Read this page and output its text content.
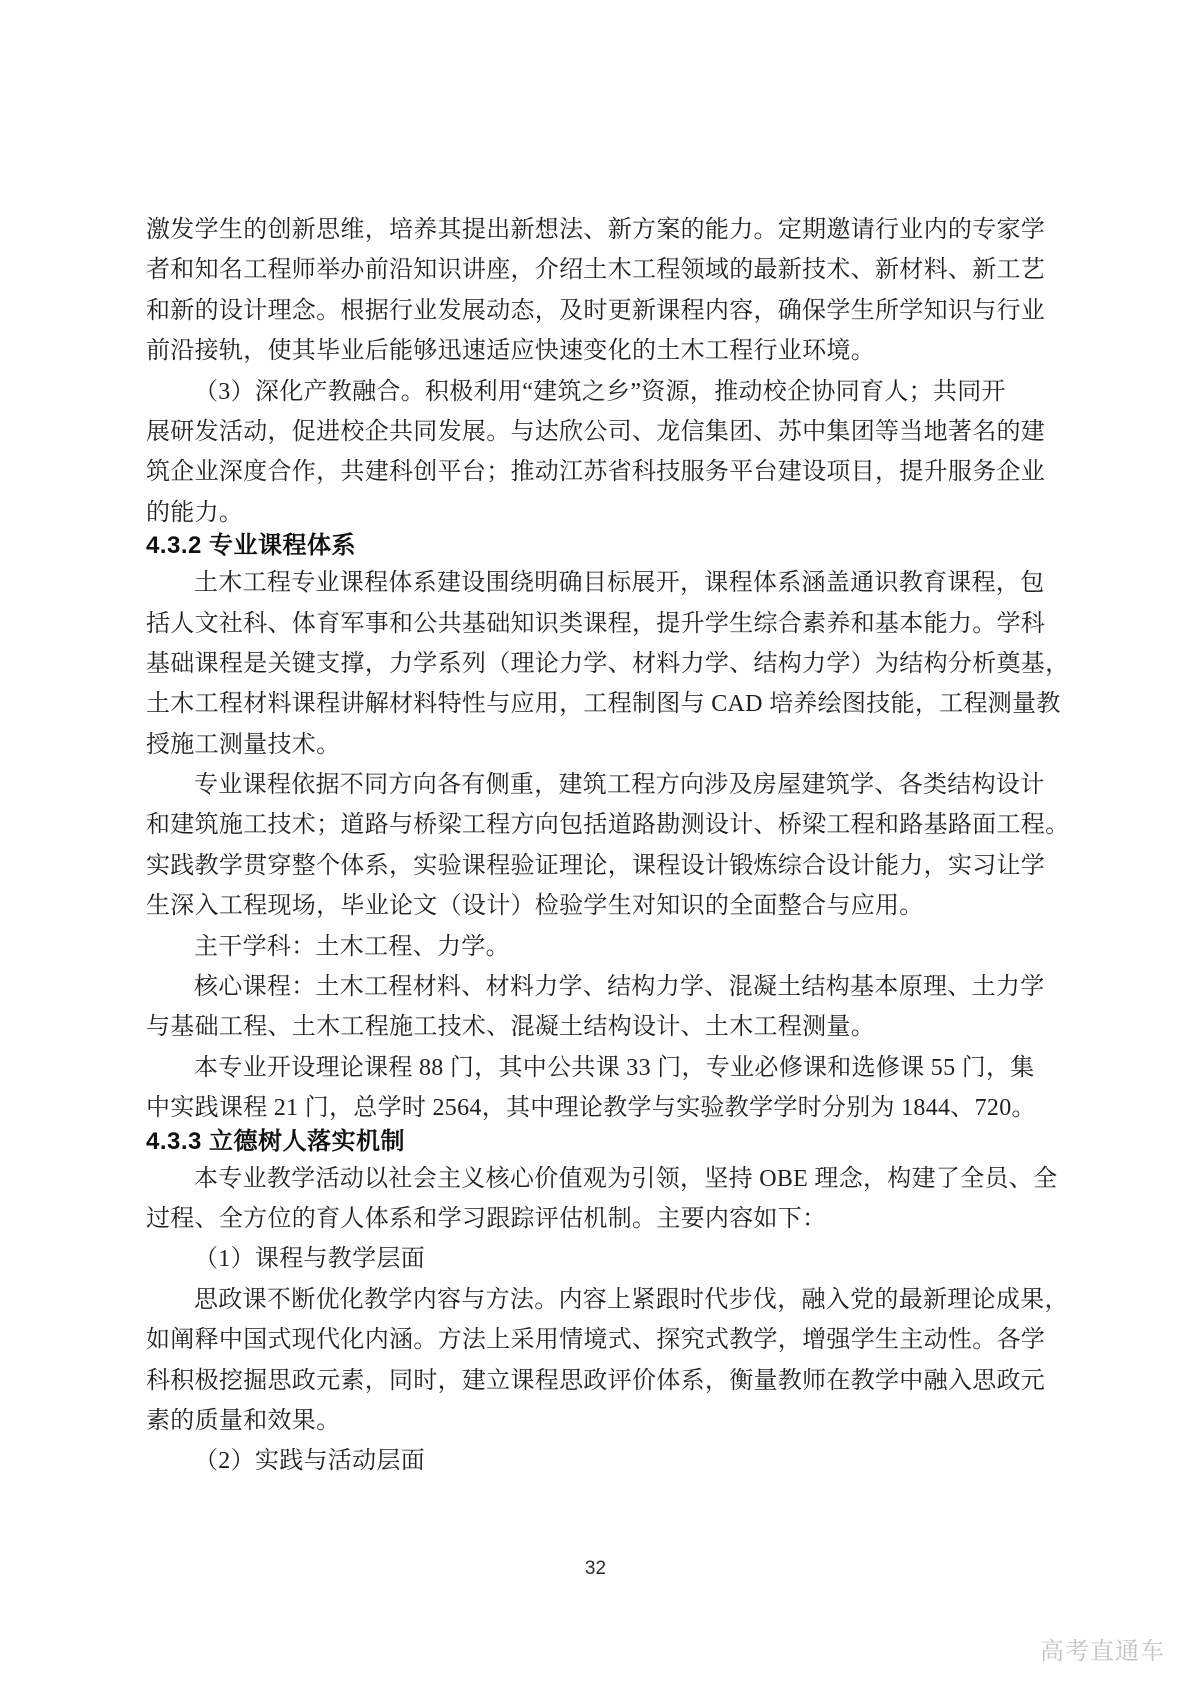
激发学生的创新思维，培养其提出新想法、新方案的能力。定期邀请行业内的专家学
者和知名工程师举办前沿知识讲座，介绍土木工程领域的最新技术、新材料、新工艺
和新的设计理念。根据行业发展动态，及时更新课程内容，确保学生所学知识与行业
前沿接轨，使其毕业后能够迅速适应快速变化的土木工程行业环境。
（3）深化产教融合。积极利用“建筑之乡”资源，推动校企协同育人；共同开
展研发活动，促进校企共同发展。与达欣公司、龙信集团、苏中集团等当地著名的建
筑企业深度合作，共建科创平台；推动江苏省科技服务平台建设项目，提升服务企业
的能力。
4.3.2 专业课程体系
土木工程专业课程体系建设围绕明确目标展开，课程体系涵盖通识教育课程，包
括人文社科、体育军事和公共基础知识类课程，提升学生综合素养和基本能力。学科
基础课程是关键支撑，力学系列（理论力学、材料力学、结构力学）为结构分析奠基，
土木工程材料课程讲解材料特性与应用，工程制图与 CAD 培养绘图技能，工程测量教
授施工测量技术。
专业课程依据不同方向各有侧重，建筑工程方向涉及房屋建筑学、各类结构设计
和建筑施工技术；道路与桥梁工程方向包括道路勘测设计、桥梁工程和路基路面工程。
实践教学贯穿整个体系，实验课程验证理论，课程设计锻炼综合设计能力，实习让学
生深入工程现场，毕业论文（设计）检验学生对知识的全面整合与应用。
主干学科：土木工程、力学。
核心课程：土木工程材料、材料力学、结构力学、混凝土结构基本原理、土力学
与基础工程、土木工程施工技术、混凝土结构设计、土木工程测量。
本专业开设理论课程 88 门，其中公共课 33 门，专业必修课和选修课 55 门，集
中实践课程 21 门，总学时 2564，其中理论教学与实验教学学时分别为 1844、720。
4.3.3 立德树人落实机制
本专业教学活动以社会主义核心价值观为引领，坚持 OBE 理念，构建了全员、全
过程、全方位的育人体系和学习跟踪评估机制。主要内容如下：
（1）课程与教学层面
思政课不断优化教学内容与方法。内容上紧跟时代步伐，融入党的最新理论成果，
如阐释中国式现代化内涵。方法上采用情境式、探究式教学，增强学生主动性。各学
科积极挖掘思政元素，同时，建立课程思政评价体系，衡量教师在教学中融入思政元
素的质量和效果。
（2）实践与活动层面
32
高考直通车
